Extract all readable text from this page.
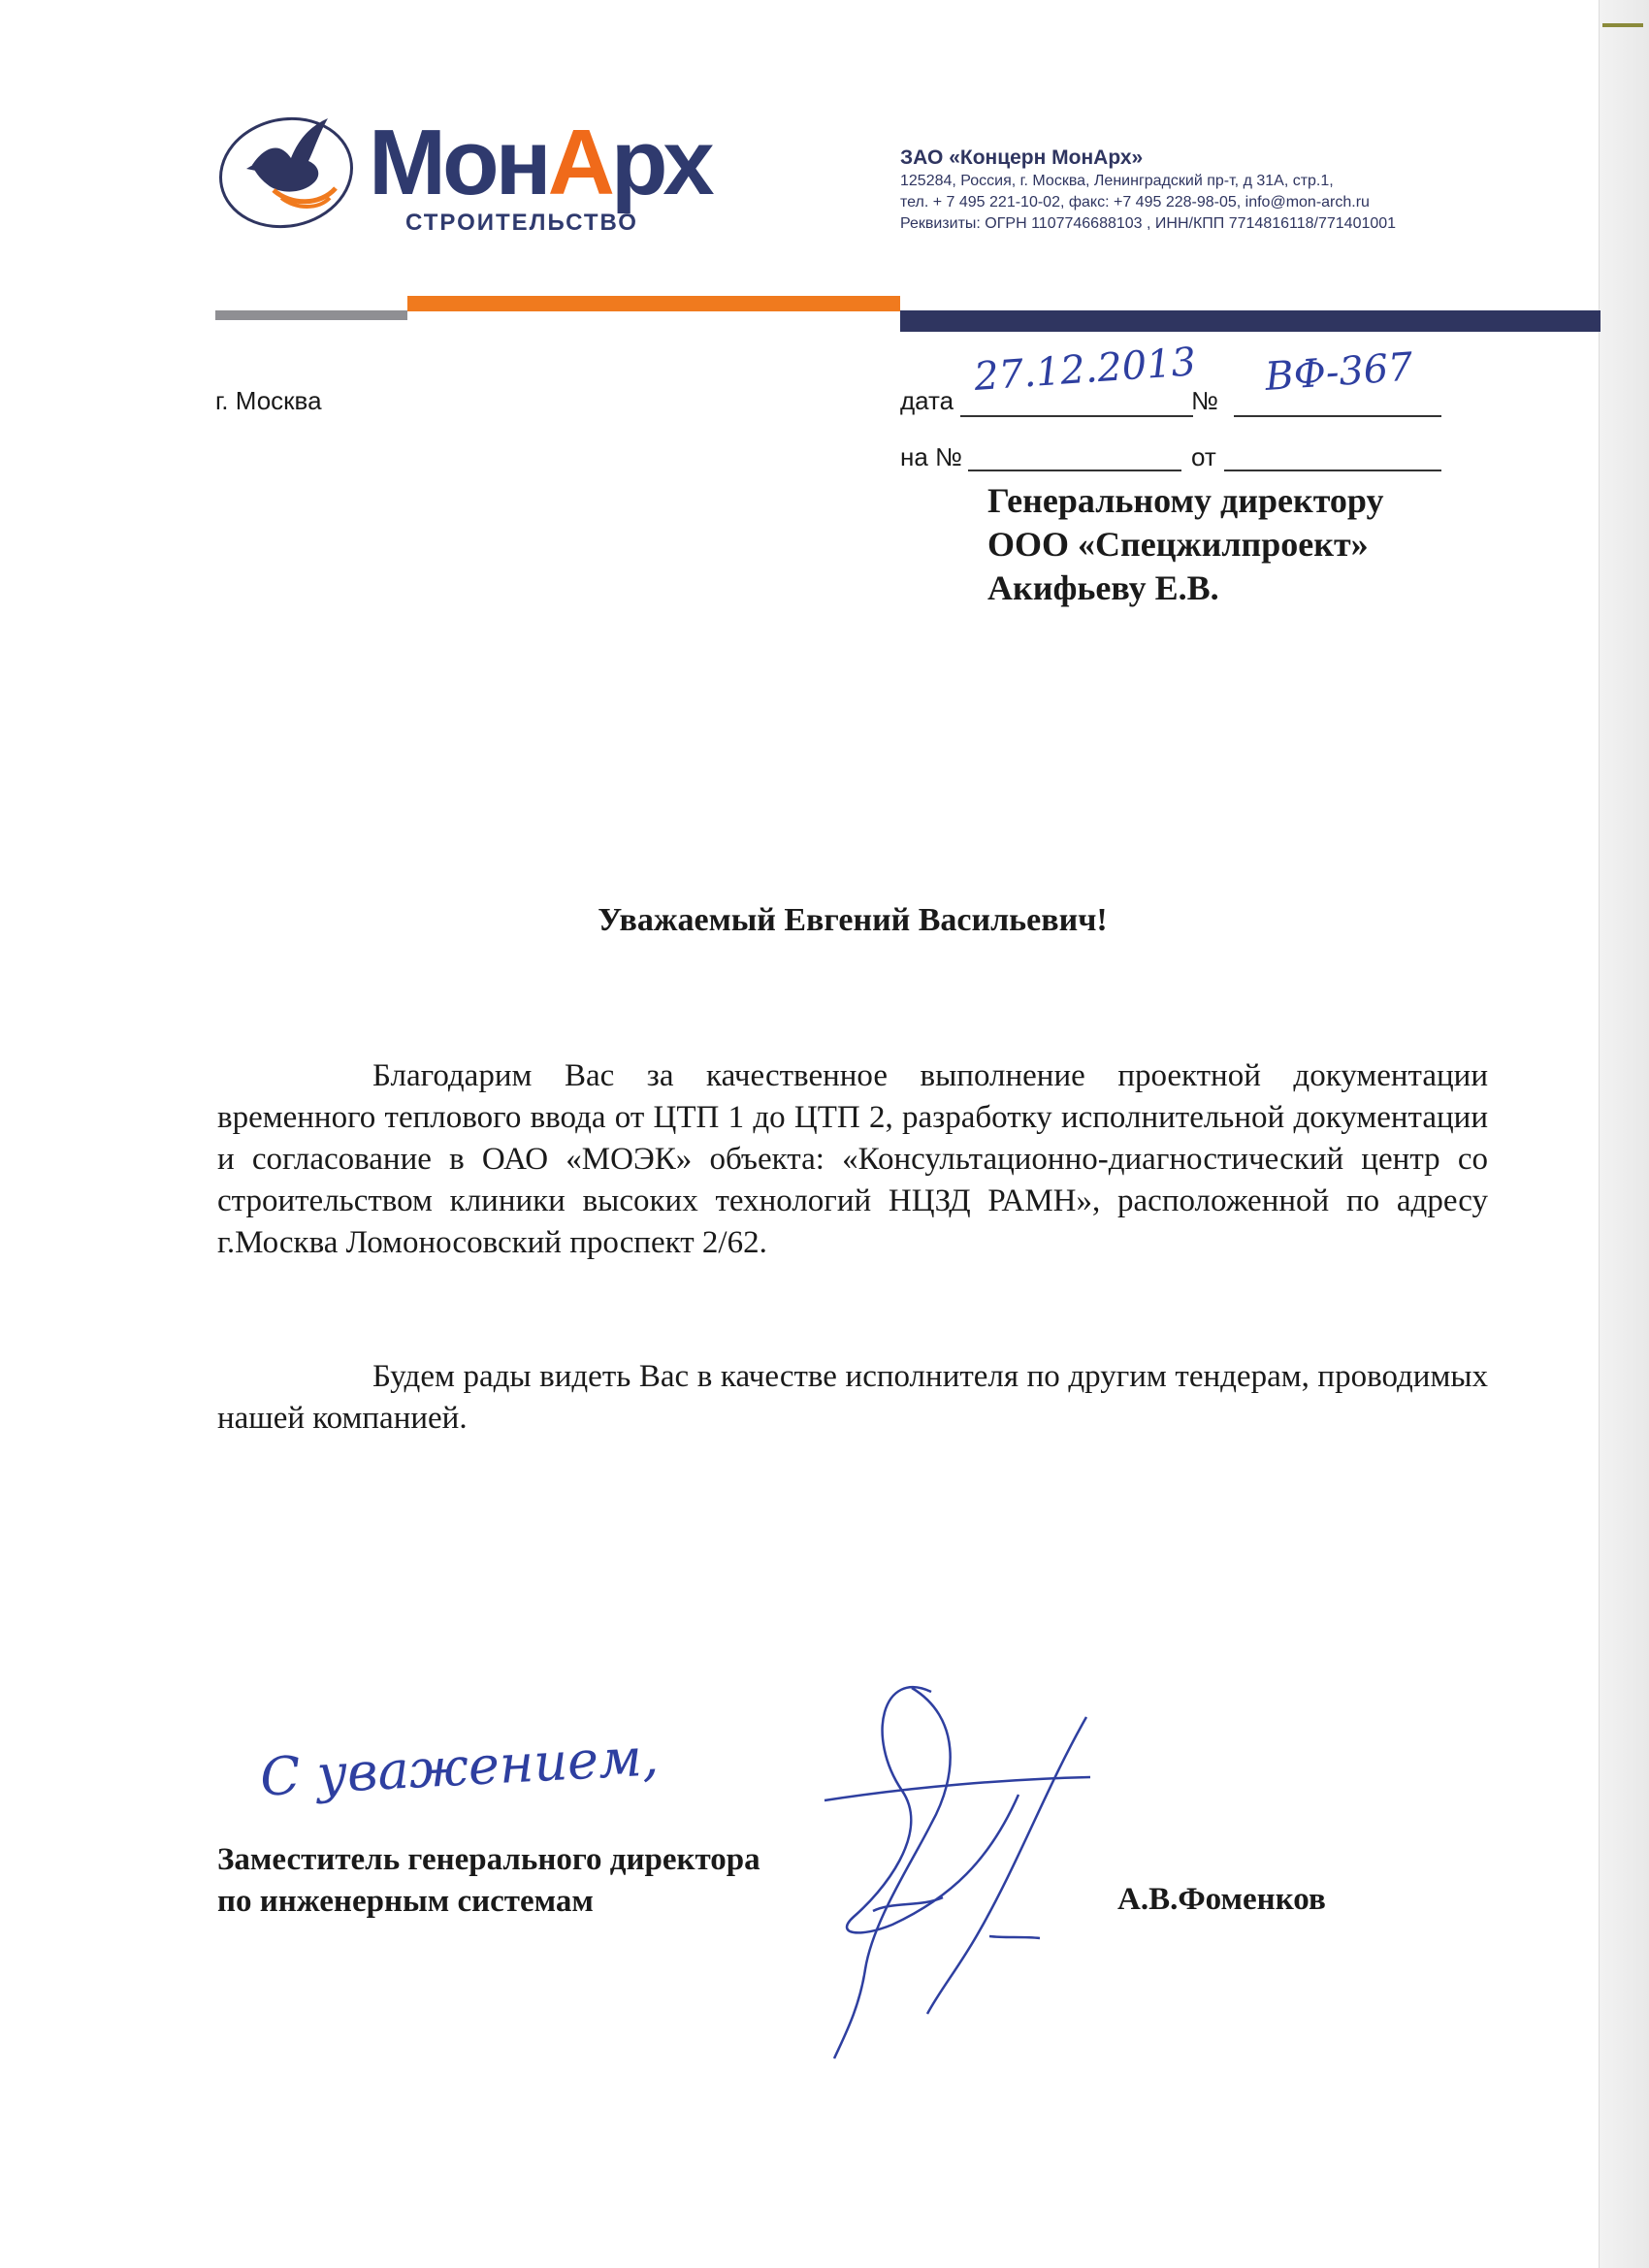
МонАрх
СТРОИТЕЛЬСТВО
ЗАО «Концерн МонАрх»
125284, Россия, г. Москва, Ленинградский пр-т, д 31А, стр.1,
тел. + 7 495 221-10-02, факс: +7 495 228-98-05, info@mon-arch.ru
Реквизиты: ОГРН 1107746688103 , ИНН/КПП 7714816118/771401001
г. Москва	дата
27.12.2013
№
ВФ-367
на №	от
Генеральному директору
ООО «Спецжилпроект»
Акифьеву Е.В.
Уважаемый Евгений Васильевич!

Благодарим Вас за качественное выполнение проектной документации временного теплового ввода от ЦТП 1 до ЦТП 2, разработку исполнительной документации и согласование в ОАО «МОЭК» объекта: «Консультационно-диагностический центр со строительством клиники высоких технологий НЦЗД РАМН», расположенной по адресу г.Москва Ломоносовский проспект 2/62.

Будем рады видеть Вас в качестве исполнителя по другим тендерам, проводимых нашей компанией.

С уважением,
Заместитель генерального директора
по инженерным системам	А.В.Фоменков
